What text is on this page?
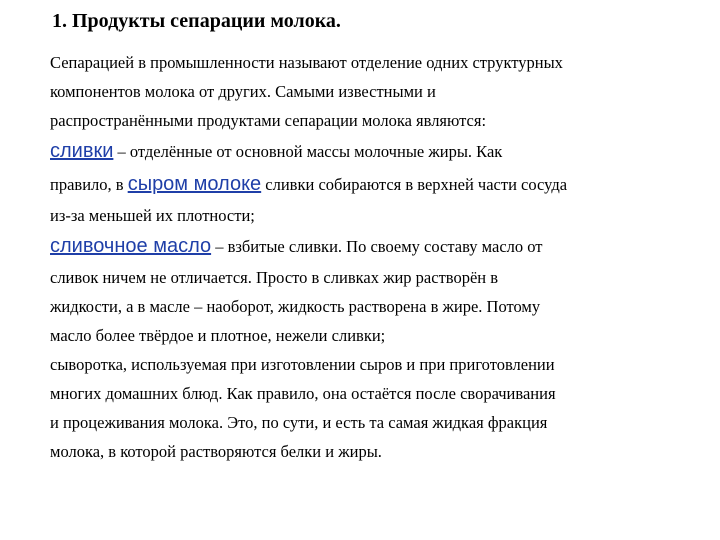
1. Продукты сепарации молока.
Сепарацией в промышленности называют отделение одних структурных
компонентов молока от других. Самыми известными и
распространёнными продуктами сепарации молока являются:
сливки – отделённые от основной массы молочные жиры. Как
правило, в сыром молоке сливки собираются в верхней части сосуда
из-за меньшей их плотности;
сливочное масло – взбитые сливки. По своему составу масло от
сливок ничем не отличается. Просто в сливках жир растворён в
жидкости, а в масле – наоборот, жидкость растворена в жире. Потому
масло более твёрдое и плотное, нежели сливки;
сыворотка, используемая при изготовлении сыров и при приготовлении
многих домашних блюд. Как правило, она остаётся после сворачивания
и процеживания молока. Это, по сути, и есть та самая жидкая фракция
молока, в которой растворяются белки и жиры.
